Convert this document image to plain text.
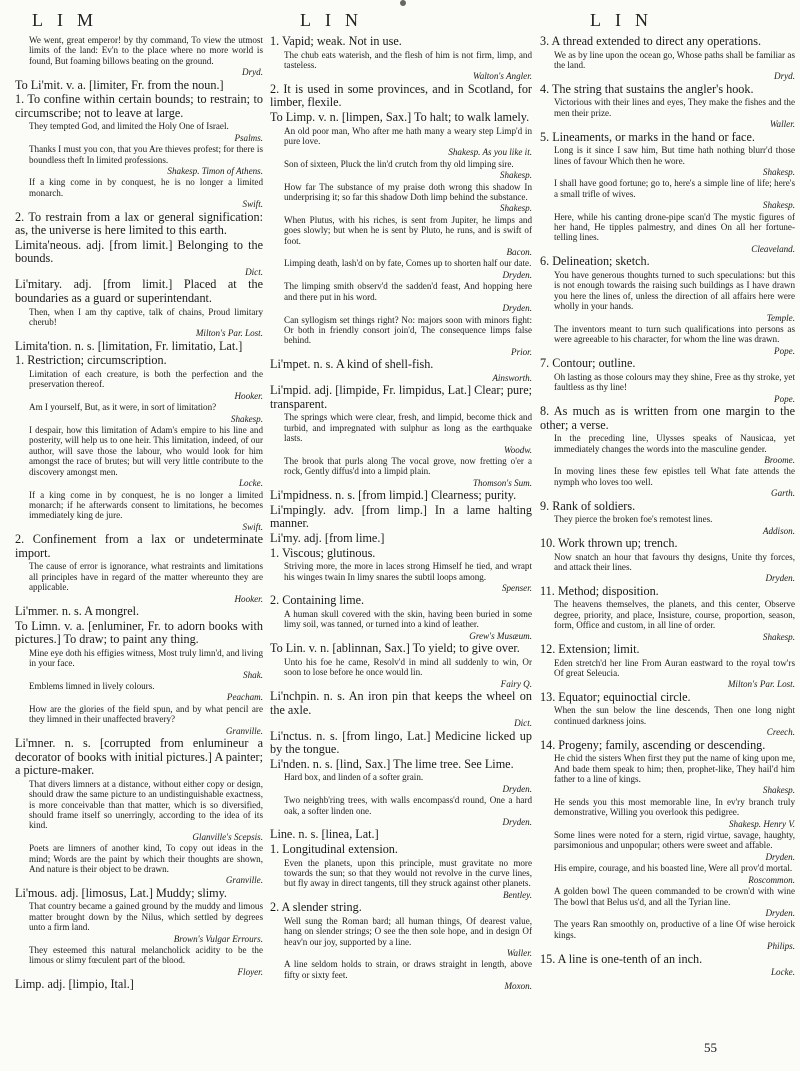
LIM	LIN	LIN
We went, great emperor! by thy command, To view the utmost limits of the land: Ev'n to the place where no more world is found, But foaming billows beating on the ground.
Dryd.
To Li'mit. v. a. [limiter, Fr. from the noun.]
1. To confine within certain bounds; to restrain; to circumscribe; not to leave at large.
They tempted God, and limited the Holy One of Israel.
Psalms.
Thanks I must you con, that you Are thieves profest; for there is boundless theft In limited professions.
Shakesp. Timon of Athens.
If a king come in by conquest, he is no longer a limited monarch.
Swift.
2. To restrain from a lax or general signification: as, the universe is here limited to this earth.
Limita'neous. adj. [from limit.] Belonging to the bounds.
Dict.
Li'mitary. adj. [from limit.] Placed at the boundaries as a guard or superintendant.
Then, when I am thy captive, talk of chains, Proud limitary cherub!
Milton's Par. Lost.
Limita'tion. n. s. [limitation, Fr. limitatio, Lat.]
1. Restriction; circumscription.
Limitation of each creature, is both the perfection and the preservation thereof.
Hooker.
Am I yourself, But, as it were, in sort of limitation?
Shakesp.
I despair, how this limitation of Adam's empire to his line and posterity, will help us to one heir. This limitation, indeed, of our author, will save those the labour, who would look for him amongst the race of brutes; but will very little contribute to the discovery amongst men.
Locke.
If a king come in by conquest, he is no longer a limited monarch; if he afterwards consent to limitations, he becomes immediately king de jure.
Swift.
2. Confinement from a lax or undeterminate import.
The cause of error is ignorance, what restraints and limitations all principles have in regard of the matter whereunto they are applicable.
Hooker.
Li'mmer. n. s. A mongrel.
To Limn. v. a. [enluminer, Fr. to adorn books with pictures.] To draw; to paint any thing.
Mine eye doth his effigies witness, Most truly limn'd, and living in your face.
Shak.
Emblems limned in lively colours.
Peacham.
How are the glories of the field spun, and by what pencil are they limned in their unaffected bravery?
Granville.
Li'mner. n. s. [corrupted from enlumineur a decorator of books with initial pictures.] A painter; a picture-maker.
That divers limners at a distance, without either copy or design, should draw the same picture to an undistinguishable exactness, is more conceivable than that matter, which is so diversified, should frame itself so unerringly, according to the idea of its kind.
Glanville's Scepsis.
Poets are limners of another kind, To copy out ideas in the mind; Words are the paint by which their thoughts are shown, And nature is their object to be drawn.
Granville.
Li'mous. adj. [limosus, Lat.] Muddy; slimy.
That country became a gained ground by the muddy and limous matter brought down by the Nilus, which settled by degrees unto a firm land.
Brown's Vulgar Errours.
They esteemed this natural melancholick acidity to be the limous or slimy fœculent part of the blood.
Floyer.
Limp. adj. [limpio, Ital.]
1. Vapid; weak. Not in use.
The chub eats waterish, and the flesh of him is not firm, limp, and tasteless.
Walton's Angler.
2. It is used in some provinces, and in Scotland, for limber, flexile.
To Limp. v. n. [limpen, Sax.] To halt; to walk lamely.
An old poor man, Who after me hath many a weary step Limp'd in pure love.
Shakesp. As you like it.
Son of sixteen, Pluck the lin'd crutch from thy old limping sire.
Shakesp.
How far The substance of my praise doth wrong this shadow In underprising it; so far this shadow Doth limp behind the substance.
Shakesp.
When Plutus, with his riches, is sent from Jupiter, he limps and goes slowly; but when he is sent by Pluto, he runs, and is swift of foot.
Bacon.
Limping death, lash'd on by fate, Comes up to shorten half our date.
Dryden.
The limping smith observ'd the sadden'd feast, And hopping here and there put in his word.
Dryden.
Can syllogism set things right? No: majors soon with minors fight: Or both in friendly consort join'd, The consequence limps false behind.
Prior.
Li'mpet. n. s. A kind of shell-fish.
Ainsworth.
Li'mpid. adj. [limpide, Fr. limpidus, Lat.] Clear; pure; transparent.
The springs which were clear, fresh, and limpid, become thick and turbid, and impregnated with sulphur as long as the earthquake lasts.
Woodw.
The brook that purls along The vocal grove, now fretting o'er a rock, Gently diffus'd into a limpid plain.
Thomson's Sum.
Li'mpidness. n. s. [from limpid.] Clearness; purity.
Li'mpingly. adv. [from limp.] In a lame halting manner.
Li'my. adj. [from lime.]
1. Viscous; glutinous.
Striving more, the more in laces strong Himself he tied, and wrapt his winges twain In limy snares the subtil loops among.
Spenser.
2. Containing lime.
A human skull covered with the skin, having been buried in some limy soil, was tanned, or turned into a kind of leather.
Grew's Musæum.
To Lin. v. n. [ablinnan, Sax.] To yield; to give over.
Unto his foe he came, Resolv'd in mind all suddenly to win, Or soon to lose before he once would lin.
Fairy Q.
Li'nchpin. n. s. An iron pin that keeps the wheel on the axle.
Dict.
Li'nctus. n. s. [from lingo, Lat.] Medicine licked up by the tongue.
Li'nden. n. s. [lind, Sax.] The lime tree. See Lime.
Hard box, and linden of a softer grain.
Dryden.
Two neighb'ring trees, with walls encompass'd round, One a hard oak, a softer linden one.
Dryden.
Line. n. s. [linea, Lat.]
1. Longitudinal extension.
Even the planets, upon this principle, must gravitate no more towards the sun; so that they would not revolve in the curve lines, but fly away in direct tangents, till they struck against other planets.
Bentley.
2. A slender string.
Well sung the Roman bard; all human things, Of dearest value, hang on slender strings; O see the then sole hope, and in design Of heav'n our joy, supported by a line.
Waller.
A line seldom holds to strain, or draws straight in length, above fifty or sixty feet.
Moxon.
3. A thread extended to direct any operations.
We as by line upon the ocean go, Whose paths shall be familiar as the land.
Dryd.
4. The string that sustains the angler's hook.
Victorious with their lines and eyes, They make the fishes and the men their prize.
Waller.
5. Lineaments, or marks in the hand or face.
Long is it since I saw him, But time hath nothing blurr'd those lines of favour Which then he wore.
Shakesp.
I shall have good fortune; go to, here's a simple line of life; here's a small trifle of wives.
Shakesp.
Here, while his canting drone-pipe scan'd The mystic figures of her hand, He tipples palmestry, and dines On all her fortune-telling lines.
Cleaveland.
6. Delineation; sketch.
You have generous thoughts turned to such speculations: but this is not enough towards the raising such buildings as I have drawn you here the lines of, unless the direction of all affairs here were wholly in your hands.
Temple.
The inventors meant to turn such qualifications into persons as were agreeable to his character, for whom the line was drawn.
Pope.
7. Contour; outline.
Oh lasting as those colours may they shine, Free as thy stroke, yet faultless as thy line!
Pope.
8. As much as is written from one margin to the other; a verse.
In the preceding line, Ulysses speaks of Nausicaa, yet immediately changes the words into the masculine gender.
Broome.
In moving lines these few epistles tell What fate attends the nymph who loves too well.
Garth.
9. Rank of soldiers.
They pierce the broken foe's remotest lines.
Addison.
10. Work thrown up; trench.
Now snatch an hour that favours thy designs, Unite thy forces, and attack their lines.
Dryden.
11. Method; disposition.
The heavens themselves, the planets, and this center, Observe degree, priority, and place, Insisture, course, proportion, season, form, Office and custom, in all line of order.
Shakesp.
12. Extension; limit.
Eden stretch'd her line From Auran eastward to the royal tow'rs Of great Seleucia.
Milton's Par. Lost.
13. Equator; equinoctial circle.
When the sun below the line descends, Then one long night continued darkness joins.
Creech.
14. Progeny; family, ascending or descending.
He chid the sisters When first they put the name of king upon me, And bade them speak to him; then, prophet-like, They hail'd him father to a line of kings.
Shakesp.
He sends you this most memorable line, In ev'ry branch truly demonstrative, Willing you overlook this pedigree.
Shakesp. Henry V.
Some lines were noted for a stern, rigid virtue, savage, haughty, parsimonious and unpopular; others were sweet and affable.
Dryden.
His empire, courage, and his boasted line, Were all prov'd mortal.
Roscommon.
A golden bowl The queen commanded to be crown'd with wine The bowl that Belus us'd, and all the Tyrian line.
Dryden.
The years Ran smoothly on, productive of a line Of wise heroick kings.
Philips.
15. A line is one-tenth of an inch.
Locke.
55
